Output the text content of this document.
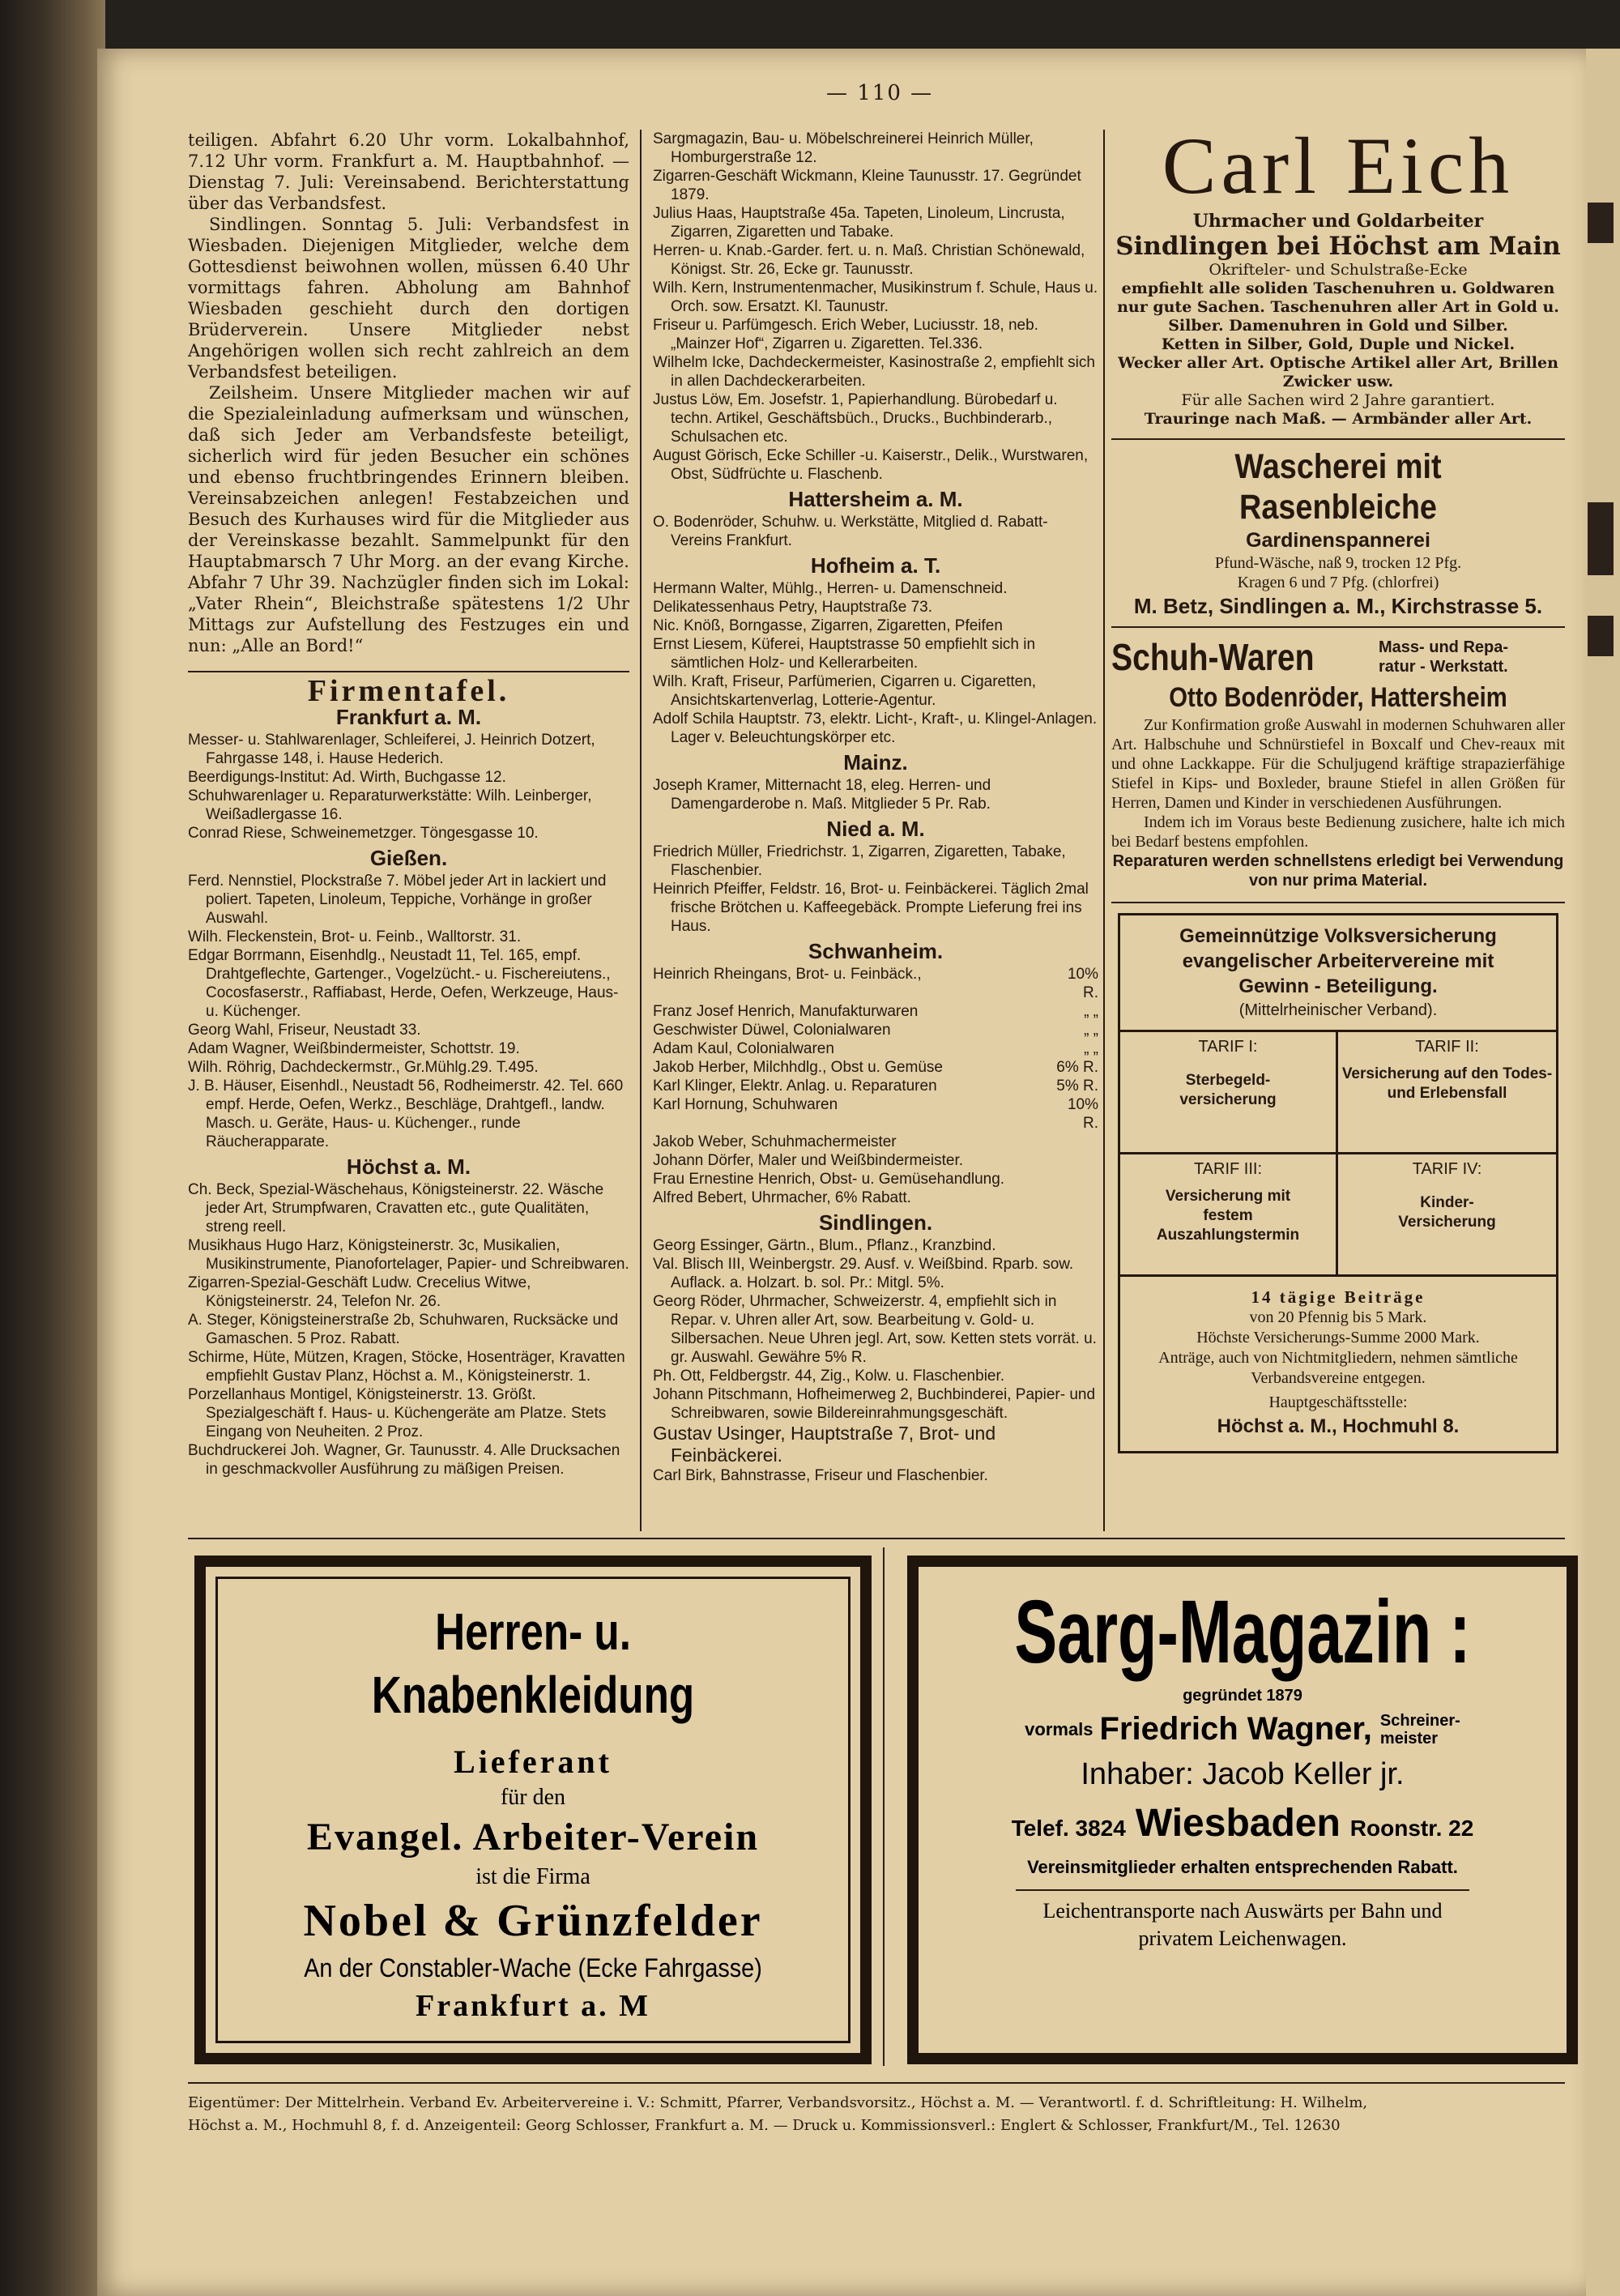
— 110 —

teiligen. Abfahrt 6.20 Uhr vorm. Lokalbahnhof, 7.12 Uhr vorm. Frankfurt a. M. Hauptbahnhof. — Dienstag 7. Juli: Vereinsabend. Berichterstattung über das Verbandsfest.

Sindlingen. Sonntag 5. Juli: Verbandsfest in Wiesbaden. Diejenigen Mitglieder, welche dem Gottesdienst beiwohnen wollen, müssen 6.40 Uhr vormittags fahren. Abholung am Bahnhof Wiesbaden geschieht durch den dortigen Brüderverein. Unsere Mitglieder nebst Angehörigen wollen sich recht zahlreich an dem Verbandsfest beteiligen.

Zeilsheim. Unsere Mitglieder machen wir auf die Spezialeinladung aufmerksam und wünschen, daß sich Jeder am Verbandsfeste beteiligt, sicherlich wird für jeden Besucher ein schönes und ebenso fruchtbringendes Erinnern bleiben. Vereinsabzeichen anlegen! Festabzeichen und Besuch des Kurhauses wird für die Mitglieder aus der Vereinskasse bezahlt. Sammelpunkt für den Hauptabmarsch 7 Uhr Morg. an der evang Kirche. Abfahr 7 Uhr 39. Nachzügler finden sich im Lokal: „Vater Rhein“, Bleichstraße spätestens 1/2 Uhr Mittags zur Aufstellung des Festzuges ein und nun: „Alle an Bord!“

Firmentafel.
Frankfurt a. M.
Messer- u. Stahlwarenlager, Schleiferei, J. Heinrich Dotzert, Fahrgasse 148, i. Hause Hederich.
Beerdigungs-Institut: Ad. Wirth, Buchgasse 12.
Schuhwarenlager u. Reparaturwerkstätte: Wilh. Leinberger, Weißadlergasse 16.
Conrad Riese, Schweinemetzger. Töngesgasse 10.
Gießen.
Ferd. Nennstiel, Plockstraße 7. Möbel jeder Art in lackiert und poliert. Tapeten, Linoleum, Teppiche, Vorhänge in großer Auswahl.
Wilh. Fleckenstein, Brot- u. Feinb., Walltorstr. 31.
Edgar Borrmann, Eisenhdlg., Neustadt 11, Tel. 165, empf. Drahtgeflechte, Gartenger., Vogelzücht.- u. Fischereiutens., Cocosfaserstr., Raffiabast, Herde, Oefen, Werkzeuge, Haus- u. Küchenger.
Georg Wahl, Friseur, Neustadt 33.
Adam Wagner, Weißbindermeister, Schottstr. 19.
Wilh. Röhrig, Dachdeckermstr., Gr.Mühlg.29. T.495.
J. B. Häuser, Eisenhdl., Neustadt 56, Rodheimerstr. 42. Tel. 660 empf. Herde, Oefen, Werkz., Beschläge, Drahtgefl., landw. Masch. u. Geräte, Haus- u. Küchenger., runde Räucherapparate.
Höchst a. M.
Ch. Beck, Spezial-Wäschehaus, Königsteinerstr. 22. Wäsche jeder Art, Strumpfwaren, Cravatten etc., gute Qualitäten, streng reell.
Musikhaus Hugo Harz, Königsteinerstr. 3c, Musikalien, Musikinstrumente, Pianofortelager, Papier- und Schreibwaren.
Zigarren-Spezial-Geschäft Ludw. Crecelius Witwe, Königsteinerstr. 24, Telefon Nr. 26.
A. Steger, Königsteinerstraße 2b, Schuhwaren, Rucksäcke und Gamaschen. 5 Proz. Rabatt.
Schirme, Hüte, Mützen, Kragen, Stöcke, Hosenträger, Kravatten empfiehlt Gustav Planz, Höchst a. M., Königsteinerstr. 1.
Porzellanhaus Montigel, Königsteinerstr. 13. Größt. Spezialgeschäft f. Haus- u. Küchengeräte am Platze. Stets Eingang von Neuheiten. 2 Proz.
Buchdruckerei Joh. Wagner, Gr. Taunusstr. 4. Alle Drucksachen in geschmackvoller Ausführung zu mäßigen Preisen.
Sargmagazin, Bau- u. Möbelschreinerei Heinrich Müller, Homburgerstraße 12.
Zigarren-Geschäft Wickmann, Kleine Taunusstr. 17. Gegründet 1879.
Julius Haas, Hauptstraße 45a. Tapeten, Linoleum, Lincrusta, Zigarren, Zigaretten und Tabake.
Herren- u. Knab.-Garder. fert. u. n. Maß. Christian Schönewald, Königst. Str. 26, Ecke gr. Taunusstr.
Wilh. Kern, Instrumentenmacher, Musikinstrum f. Schule, Haus u. Orch. sow. Ersatzt. Kl. Taunustr.
Friseur u. Parfümgesch. Erich Weber, Luciusstr. 18, neb. „Mainzer Hof“, Zigarren u. Zigaretten. Tel.336.
Wilhelm Icke, Dachdeckermeister, Kasinostraße 2, empfiehlt sich in allen Dachdeckerarbeiten.
Justus Löw, Em. Josefstr. 1, Papierhandlung. Bürobedarf u. techn. Artikel, Geschäftsbüch., Drucks., Buchbinderarb., Schulsachen etc.
August Görisch, Ecke Schiller -u. Kaiserstr., Delik., Wurstwaren, Obst, Südfrüchte u. Flaschenb.
Hattersheim a. M.
O. Bodenröder, Schuhw. u. Werkstätte, Mitglied d. Rabatt-Vereins Frankfurt.
Hofheim a. T.
Hermann Walter, Mühlg., Herren- u. Damenschneid.
Delikatessenhaus Petry, Hauptstraße 73.
Nic. Knöß, Borngasse, Zigarren, Zigaretten, Pfeifen
Ernst Liesem, Küferei, Hauptstrasse 50 empfiehlt sich in sämtlichen Holz- und Kellerarbeiten.
Wilh. Kraft, Friseur, Parfümerien, Cigarren u. Cigaretten, Ansichtskartenverlag, Lotterie-Agentur.
Adolf Schila Hauptstr. 73, elektr. Licht-, Kraft-, u. Klingel-Anlagen. Lager v. Beleuchtungskörper etc.
Mainz.
Joseph Kramer, Mitternacht 18, eleg. Herren- und Damengarderobe n. Maß. Mitglieder 5 Pr. Rab.
Nied a. M.
Friedrich Müller, Friedrichstr. 1, Zigarren, Zigaretten, Tabake, Flaschenbier.
Heinrich Pfeiffer, Feldstr. 16, Brot- u. Feinbäckerei. Täglich 2mal frische Brötchen u. Kaffeegebäck. Prompte Lieferung frei ins Haus.
Schwanheim.
Heinrich Rheingans, Brot- u. Feinbäck.,	10% R.
Franz Josef Henrich, Manufakturwaren	„ „
Geschwister Düwel, Colonialwaren	„ „
Adam Kaul, Colonialwaren	„ „
Jakob Herber, Milchhdlg., Obst u. Gemüse	6% R.
Karl Klinger, Elektr. Anlag. u. Reparaturen	5% R.
Karl Hornung, Schuhwaren	10% R.
Jakob Weber, Schuhmachermeister
Johann Dörfer, Maler und Weißbindermeister.
Frau Ernestine Henrich, Obst- u. Gemüsehandlung.
Alfred Bebert, Uhrmacher, 6% Rabatt.
Sindlingen.
Georg Essinger, Gärtn., Blum., Pflanz., Kranzbind.
Val. Blisch III, Weinbergstr. 29. Ausf. v. Weißbind. Rparb. sow. Auflack. a. Holzart. b. sol. Pr.: Mitgl. 5%.
Georg Röder, Uhrmacher, Schweizerstr. 4, empfiehlt sich in Repar. v. Uhren aller Art, sow. Bearbeitung v. Gold- u. Silbersachen. Neue Uhren jegl. Art, sow. Ketten stets vorrät. u. gr. Auswahl. Gewähre 5% R.
Ph. Ott, Feldbergstr. 44, Zig., Kolw. u. Flaschenbier.
Johann Pitschmann, Hofheimerweg 2, Buchbinderei, Papier- und Schreibwaren, sowie Bildereinrahmungsgeschäft.
Gustav Usinger, Hauptstraße 7, Brot- und Feinbäckerei.
Carl Birk, Bahnstrasse, Friseur und Flaschenbier.
Carl Eich
Uhrmacher und Goldarbeiter
Sindlingen bei Höchst am Main
Okrifteler- und Schulstraße-Ecke
empfiehlt alle soliden Taschenuhren u. Goldwaren nur gute Sachen. Taschenuhren aller Art in Gold u. Silber. Damenuhren in Gold und Silber.
Ketten in Silber, Gold, Duple und Nickel.
Wecker aller Art. Optische Artikel aller Art, Brillen Zwicker usw.
Für alle Sachen wird 2 Jahre garantiert.
Trauringe nach Maß. — Armbänder aller Art.
Wascherei mit Rasenbleiche
Gardinenspannerei
Pfund-Wäsche, naß 9, trocken 12 Pfg.
Kragen 6 und 7 Pfg. (chlorfrei)
M. Betz, Sindlingen a. M., Kirchstrasse 5.
Schuh-Waren	Mass- und Repa-
ratur - Werkstatt.
Otto Bodenröder, Hattersheim
Zur Konfirmation große Auswahl in modernen Schuhwaren aller Art. Halbschuhe und Schnürstiefel in Boxcalf und Chev-reaux mit und ohne Lackkappe. Für die Schuljugend kräftige strapazierfähige Stiefel in Kips- und Boxleder, braune Stiefel in allen Größen für Herren, Damen und Kinder in verschiedenen Ausführungen.
Indem ich im Voraus beste Bedienung zusichere, halte ich mich bei Bedarf bestens empfohlen.
Reparaturen werden schnellstens erledigt bei Verwendung von nur prima Material.
Gemeinnützige Volksversicherung
evangelischer Arbeitervereine mit
Gewinn - Beteiligung.
(Mittelrheinischer Verband).
TARIF I:
Sterbegeld-versicherung
TARIF II:
Versicherung auf den Todes- und Erlebensfall
TARIF III:
Versicherung mit festem Auszahlungstermin
TARIF IV:
Kinder-Versicherung
14 tägige Beiträge
von 20 Pfennig bis 5 Mark.
Höchste Versicherungs-Summe 2000 Mark.
Anträge, auch von Nichtmitgliedern, nehmen sämtliche Verbandsvereine entgegen.
Hauptgeschäftsstelle:
Höchst a. M., Hochmuhl 8.
Herren- u. Knabenkleidung
Lieferant
für den
Evangel. Arbeiter-Verein
ist die Firma
Nobel & Grünzfelder
An der Constabler-Wache (Ecke Fahrgasse)
Frankfurt a. M
Sarg-Magazin :
gegründet 1879
vormals Friedrich Wagner, Schreiner-
meister
Inhaber: Jacob Keller jr.
Telef. 3824 Wiesbaden Roonstr. 22
Vereinsmitglieder erhalten entsprechenden Rabatt.
Leichentransporte nach Auswärts per Bahn und
privatem Leichenwagen.
Eigentümer: Der Mittelrhein. Verband Ev. Arbeitervereine i. V.: Schmitt, Pfarrer, Verbandsvorsitz., Höchst a. M. — Verantwortl. f. d. Schriftleitung: H. Wilhelm,
Höchst a. M., Hochmuhl 8, f. d. Anzeigenteil: Georg Schlosser, Frankfurt a. M. — Druck u. Kommissionsverl.: Englert & Schlosser, Frankfurt/M., Tel. 12630
